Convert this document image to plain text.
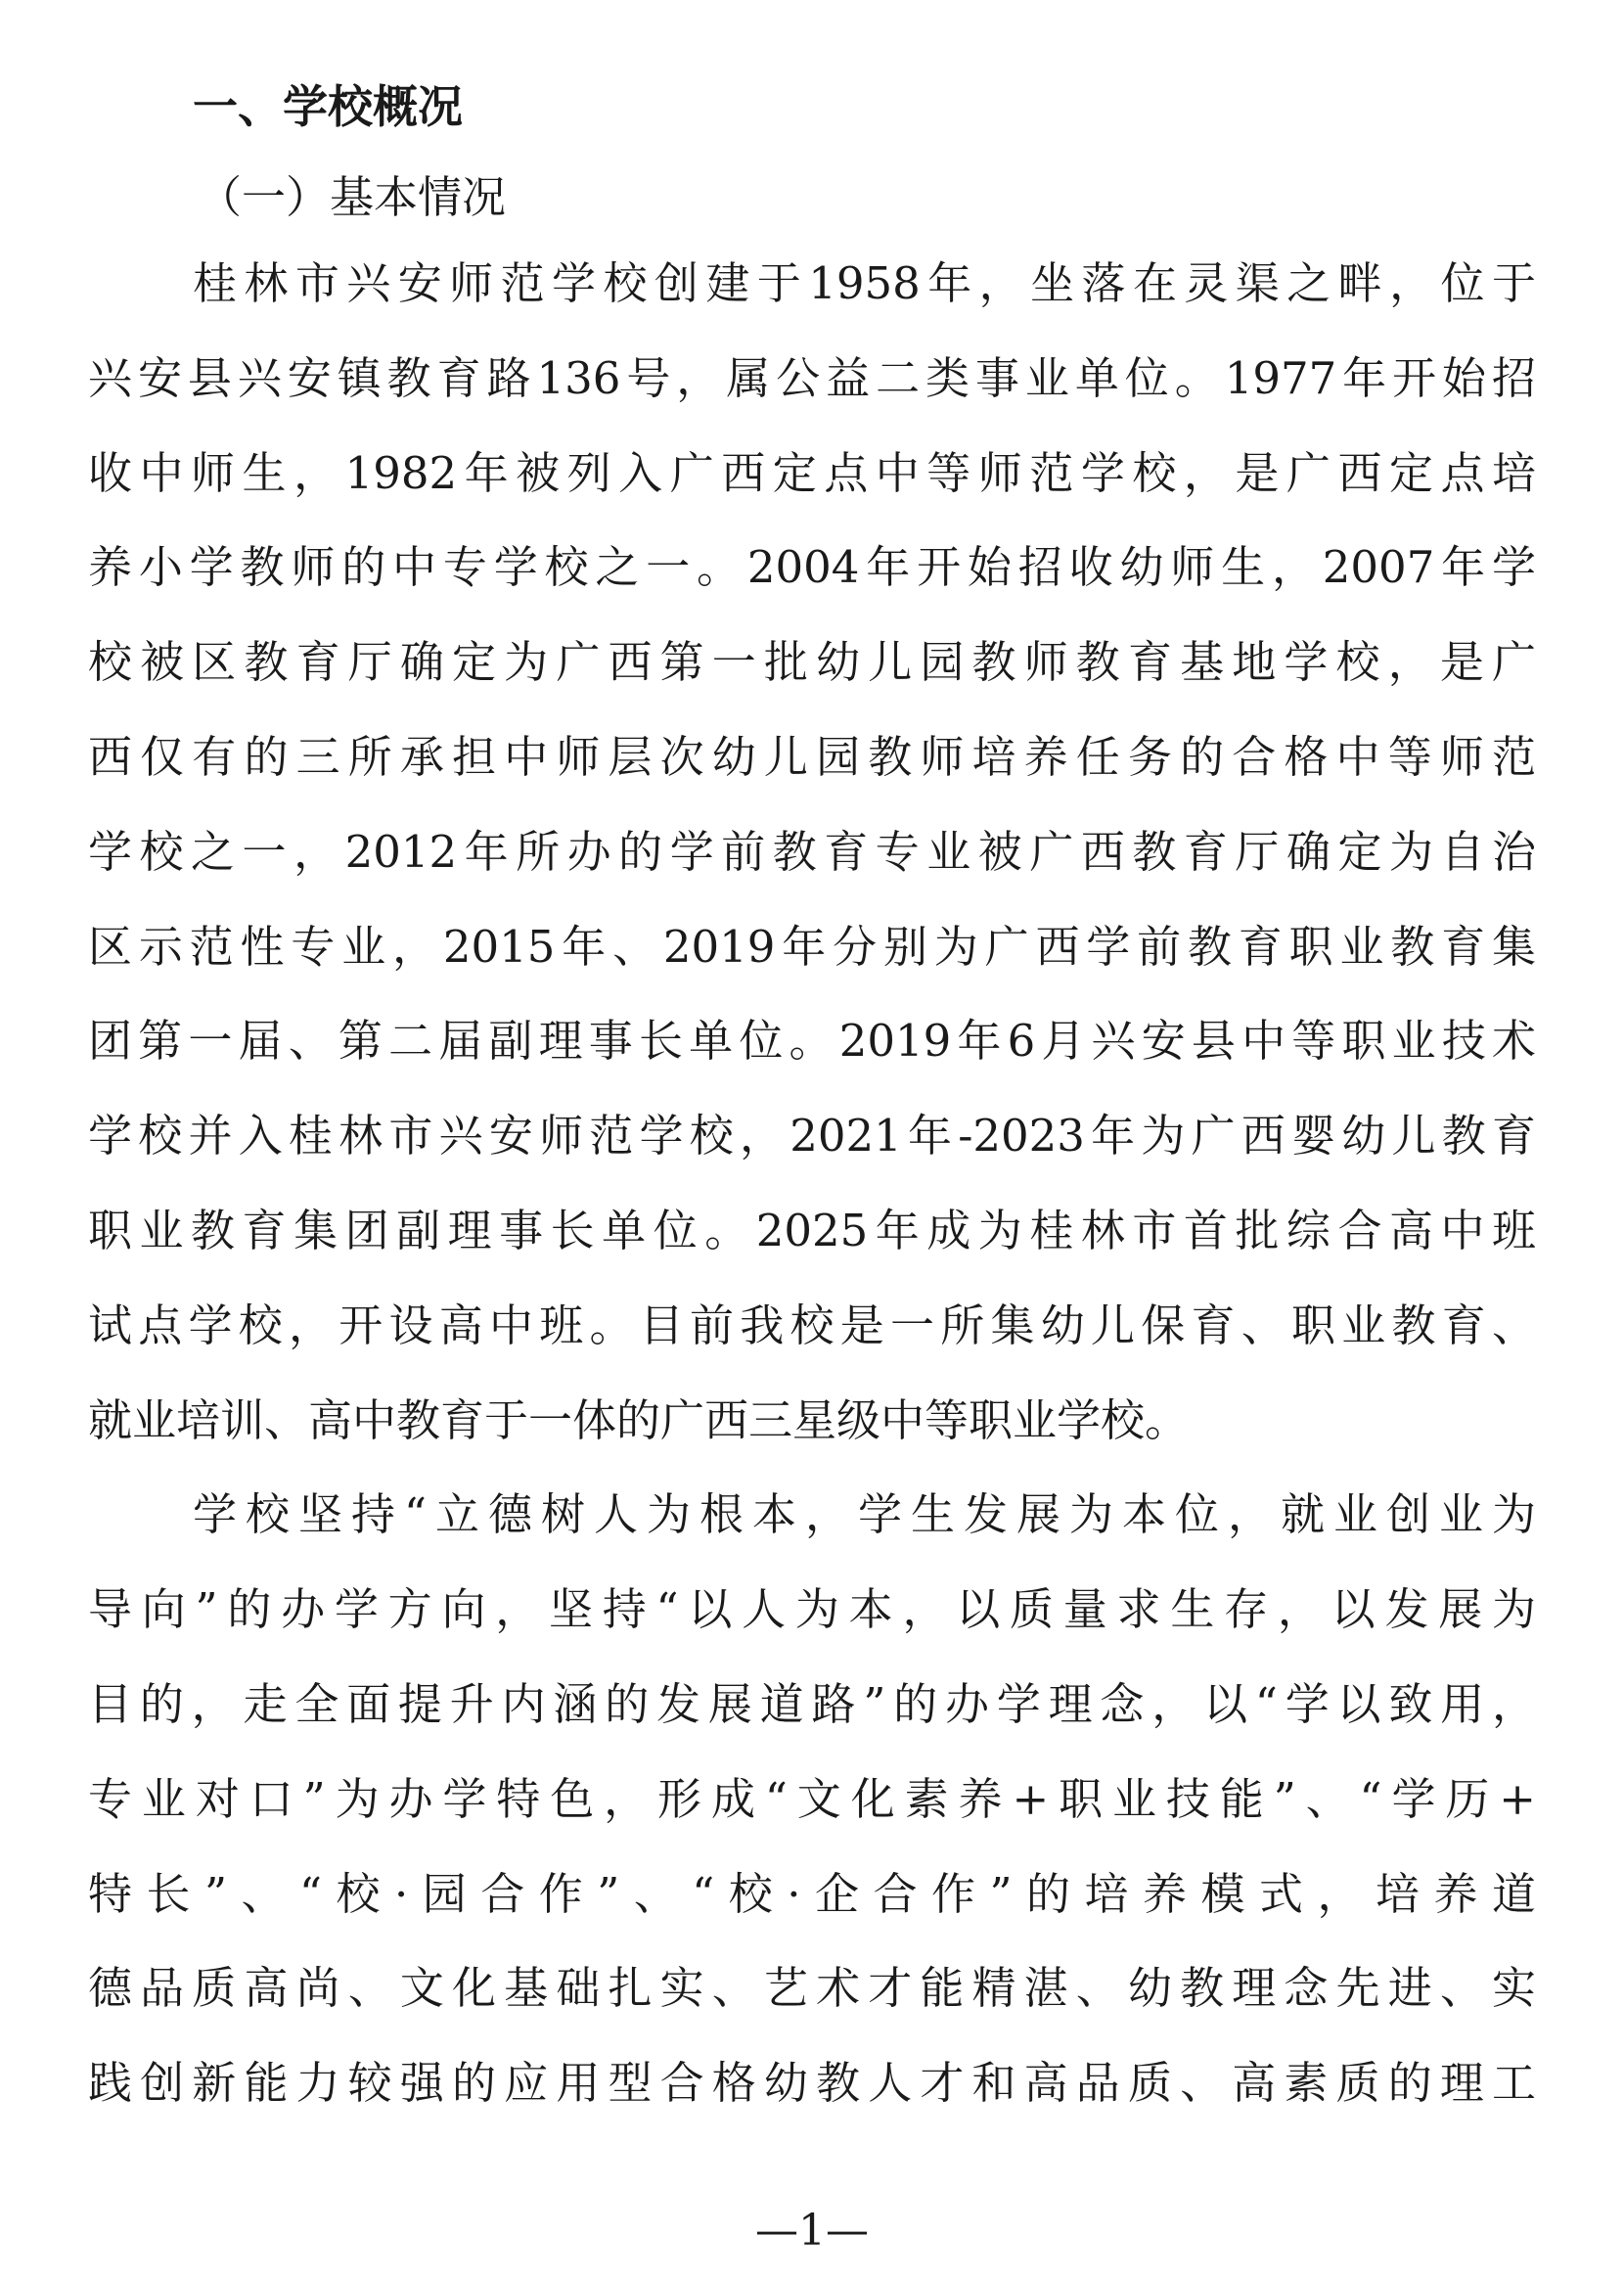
一、学校概况
（一）基本情况
桂林市兴安师范学校创建于1958年，坐落在灵渠之畔，位于
兴安县兴安镇教育路136号，属公益二类事业单位。1977年开始招
收中师生，1982年被列入广西定点中等师范学校，是广西定点培
养小学教师的中专学校之一。2004年开始招收幼师生，2007年学
校被区教育厅确定为广西第一批幼儿园教师教育基地学校，是广
西仅有的三所承担中师层次幼儿园教师培养任务的合格中等师范
学校之一，2012年所办的学前教育专业被广西教育厅确定为自治
区示范性专业，2015年、2019年分别为广西学前教育职业教育集
团第一届、第二届副理事长单位。2019年6月兴安县中等职业技术
学校并入桂林市兴安师范学校，2021年-2023年为广西婴幼儿教育
职业教育集团副理事长单位。2025年成为桂林市首批综合高中班
试点学校，开设高中班。目前我校是一所集幼儿保育、职业教育、
就业培训、高中教育于一体的广西三星级中等职业学校。
学校坚持“立德树人为根本，学生发展为本位，就业创业为
导向”的办学方向，坚持“以人为本，以质量求生存，以发展为
目的，走全面提升内涵的发展道路”的办学理念，以“学以致用，
专业对口”为办学特色，形成“文化素养+职业技能”、“学历+
特长”、“校·园合作”、“校·企合作”的培养模式，培养道
德品质高尚、文化基础扎实、艺术才能精湛、幼教理念先进、实
践创新能力较强的应用型合格幼教人才和高品质、高素质的理工
—1—
